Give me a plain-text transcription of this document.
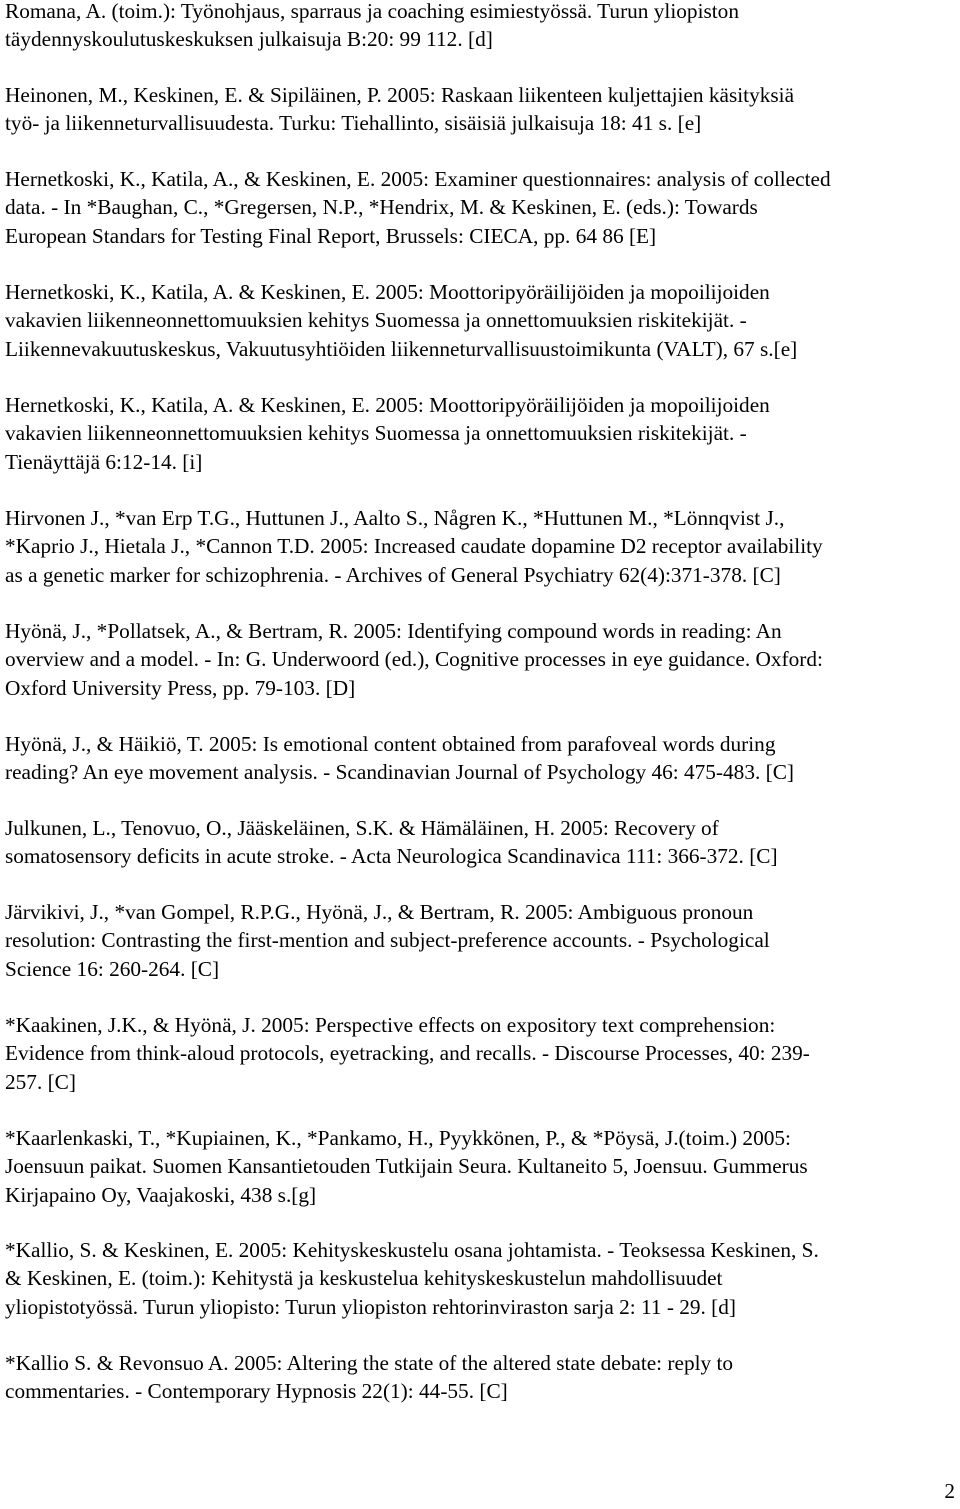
Romana, A. (toim.): Työnohjaus, sparraus ja coaching esimiestyössä. Turun yliopiston
täydennyskoulutuskeskuksen julkaisuja B:20: 99 112. [d]

Heinonen, M., Keskinen, E. & Sipiläinen, P. 2005: Raskaan liikenteen kuljettajien käsityksiä
työ- ja liikenneturvallisuudesta. Turku: Tiehallinto, sisäisiä julkaisuja 18: 41 s. [e]

Hernetkoski, K., Katila, A., & Keskinen, E. 2005: Examiner questionnaires: analysis of collected
data. - In *Baughan, C., *Gregersen, N.P., *Hendrix, M. & Keskinen, E. (eds.): Towards
European Standars for Testing Final Report, Brussels: CIECA, pp. 64 86 [E]

Hernetkoski, K., Katila, A. & Keskinen, E. 2005: Moottoripyöräilijöiden ja mopoilijoiden
vakavien liikenneonnettomuuksien kehitys Suomessa ja onnettomuuksien riskitekijät. -
Liikennevakuutuskeskus, Vakuutusyhtiöiden liikenneturvallisuustoimikunta (VALT), 67 s.[e]

Hernetkoski, K., Katila, A. & Keskinen, E. 2005: Moottoripyöräilijöiden ja mopoilijoiden
vakavien liikenneonnettomuuksien kehitys Suomessa ja onnettomuuksien riskitekijät. -
Tienäyttäjä 6:12-14. [i]

Hirvonen J., *van Erp T.G., Huttunen J., Aalto S., Någren K., *Huttunen M., *Lönnqvist J.,
*Kaprio J., Hietala J., *Cannon T.D. 2005: Increased caudate dopamine D2 receptor availability
as a genetic marker for schizophrenia. - Archives of General Psychiatry 62(4):371-378. [C]

Hyönä, J., *Pollatsek, A., & Bertram, R. 2005: Identifying compound words in reading: An
overview and a model. - In: G. Underwoord (ed.), Cognitive processes in eye guidance. Oxford:
Oxford University Press, pp. 79-103. [D]

Hyönä, J., & Häikiö, T. 2005: Is emotional content obtained from parafoveal words during
reading? An eye movement analysis. - Scandinavian Journal of Psychology 46: 475-483. [C]

Julkunen, L., Tenovuo, O., Jääskeläinen, S.K. & Hämäläinen, H. 2005: Recovery of
somatosensory deficits in acute stroke. - Acta Neurologica Scandinavica 111: 366-372. [C]

Järvikivi, J., *van Gompel, R.P.G., Hyönä, J., & Bertram, R. 2005: Ambiguous pronoun
resolution: Contrasting the first-mention and subject-preference accounts. - Psychological
Science 16: 260-264. [C]

*Kaakinen, J.K., & Hyönä, J. 2005: Perspective effects on expository text comprehension:
Evidence from think-aloud protocols, eyetracking, and recalls. - Discourse Processes, 40: 239-
257. [C]

*Kaarlenkaski, T., *Kupiainen, K., *Pankamo, H., Pyykkönen, P., & *Pöysä, J.(toim.) 2005:
Joensuun paikat. Suomen Kansantietouden Tutkijain Seura. Kultaneito 5, Joensuu. Gummerus
Kirjapaino Oy, Vaajakoski, 438 s.[g]

*Kallio, S. & Keskinen, E. 2005: Kehityskeskustelu osana johtamista. - Teoksessa Keskinen, S.
& Keskinen, E. (toim.): Kehitystä ja keskustelua kehityskeskustelun mahdollisuudet
yliopistotyössä. Turun yliopisto: Turun yliopiston rehtorinviraston sarja 2: 11 - 29. [d]

*Kallio S. & Revonsuo A. 2005: Altering the state of the altered state debate: reply to
commentaries. - Contemporary Hypnosis 22(1): 44-55. [C]

2
